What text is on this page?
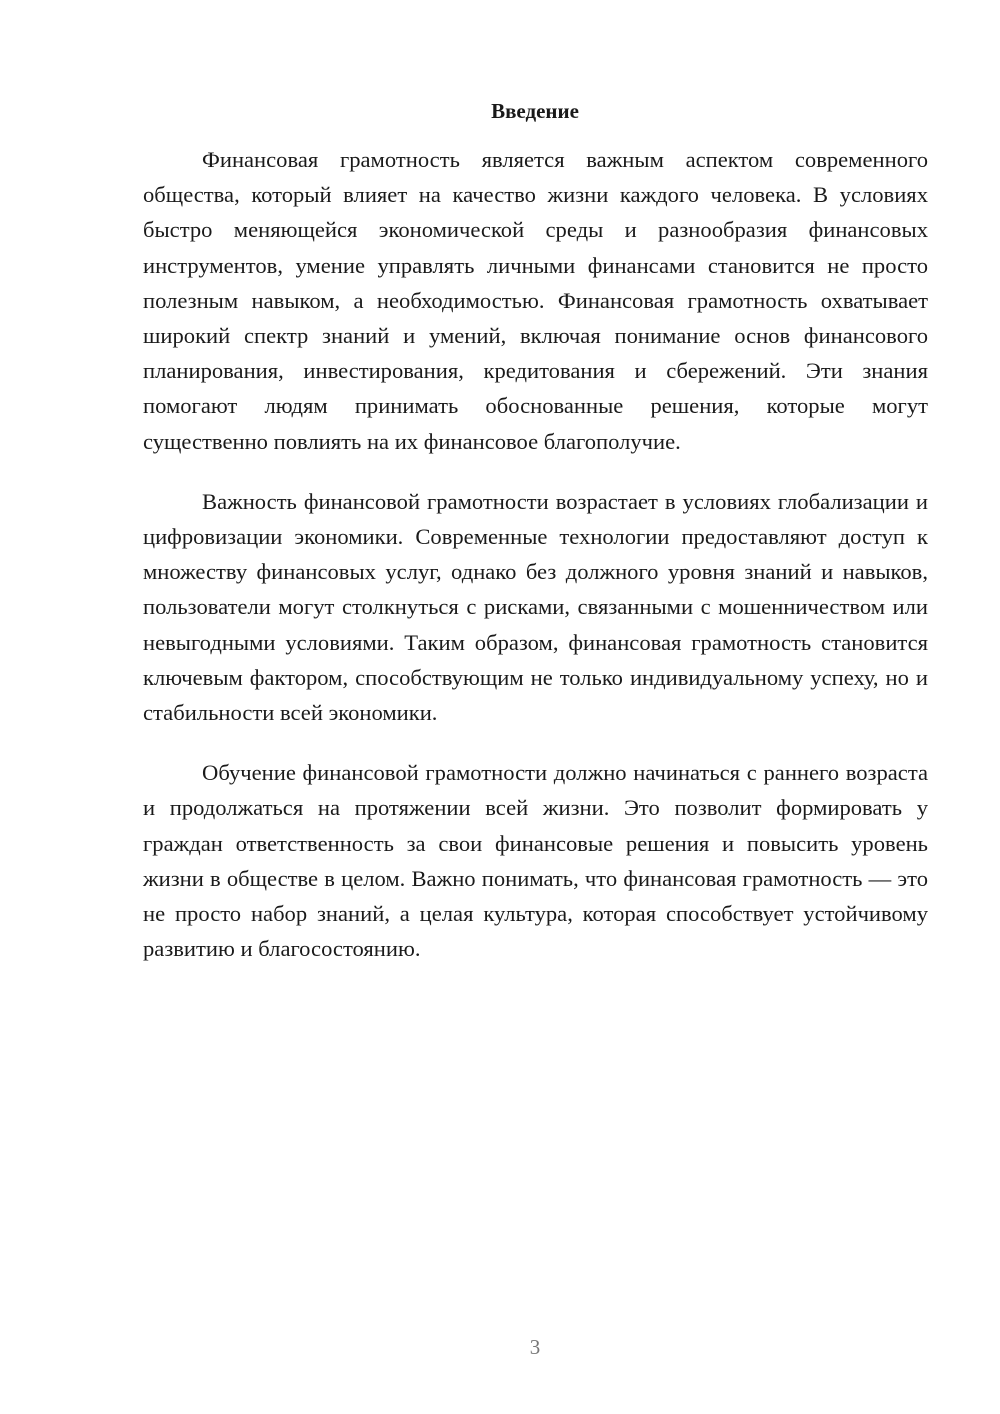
Введение

Финансовая грамотность является важным аспектом современного общества, который влияет на качество жизни каждого человека. В условиях быстро меняющейся экономической среды и разнообразия финансовых инструментов, умение управлять личными финансами становится не просто полезным навыком, а необходимостью. Финансовая грамотность охватывает широкий спектр знаний и умений, включая понимание основ финансового планирования, инвестирования, кредитования и сбережений. Эти знания помогают людям принимать обоснованные решения, которые могут существенно повлиять на их финансовое благополучие.

Важность финансовой грамотности возрастает в условиях глобализации и цифровизации экономики. Современные технологии предоставляют доступ к множеству финансовых услуг, однако без должного уровня знаний и навыков, пользователи могут столкнуться с рисками, связанными с мошенничеством или невыгодными условиями. Таким образом, финансовая грамотность становится ключевым фактором, способствующим не только индивидуальному успеху, но и стабильности всей экономики.

Обучение финансовой грамотности должно начинаться с раннего возраста и продолжаться на протяжении всей жизни. Это позволит формировать у граждан ответственность за свои финансовые решения и повысить уровень жизни в обществе в целом. Важно понимать, что финансовая грамотность — это не просто набор знаний, а целая культура, которая способствует устойчивому развитию и благосостоянию.

3
